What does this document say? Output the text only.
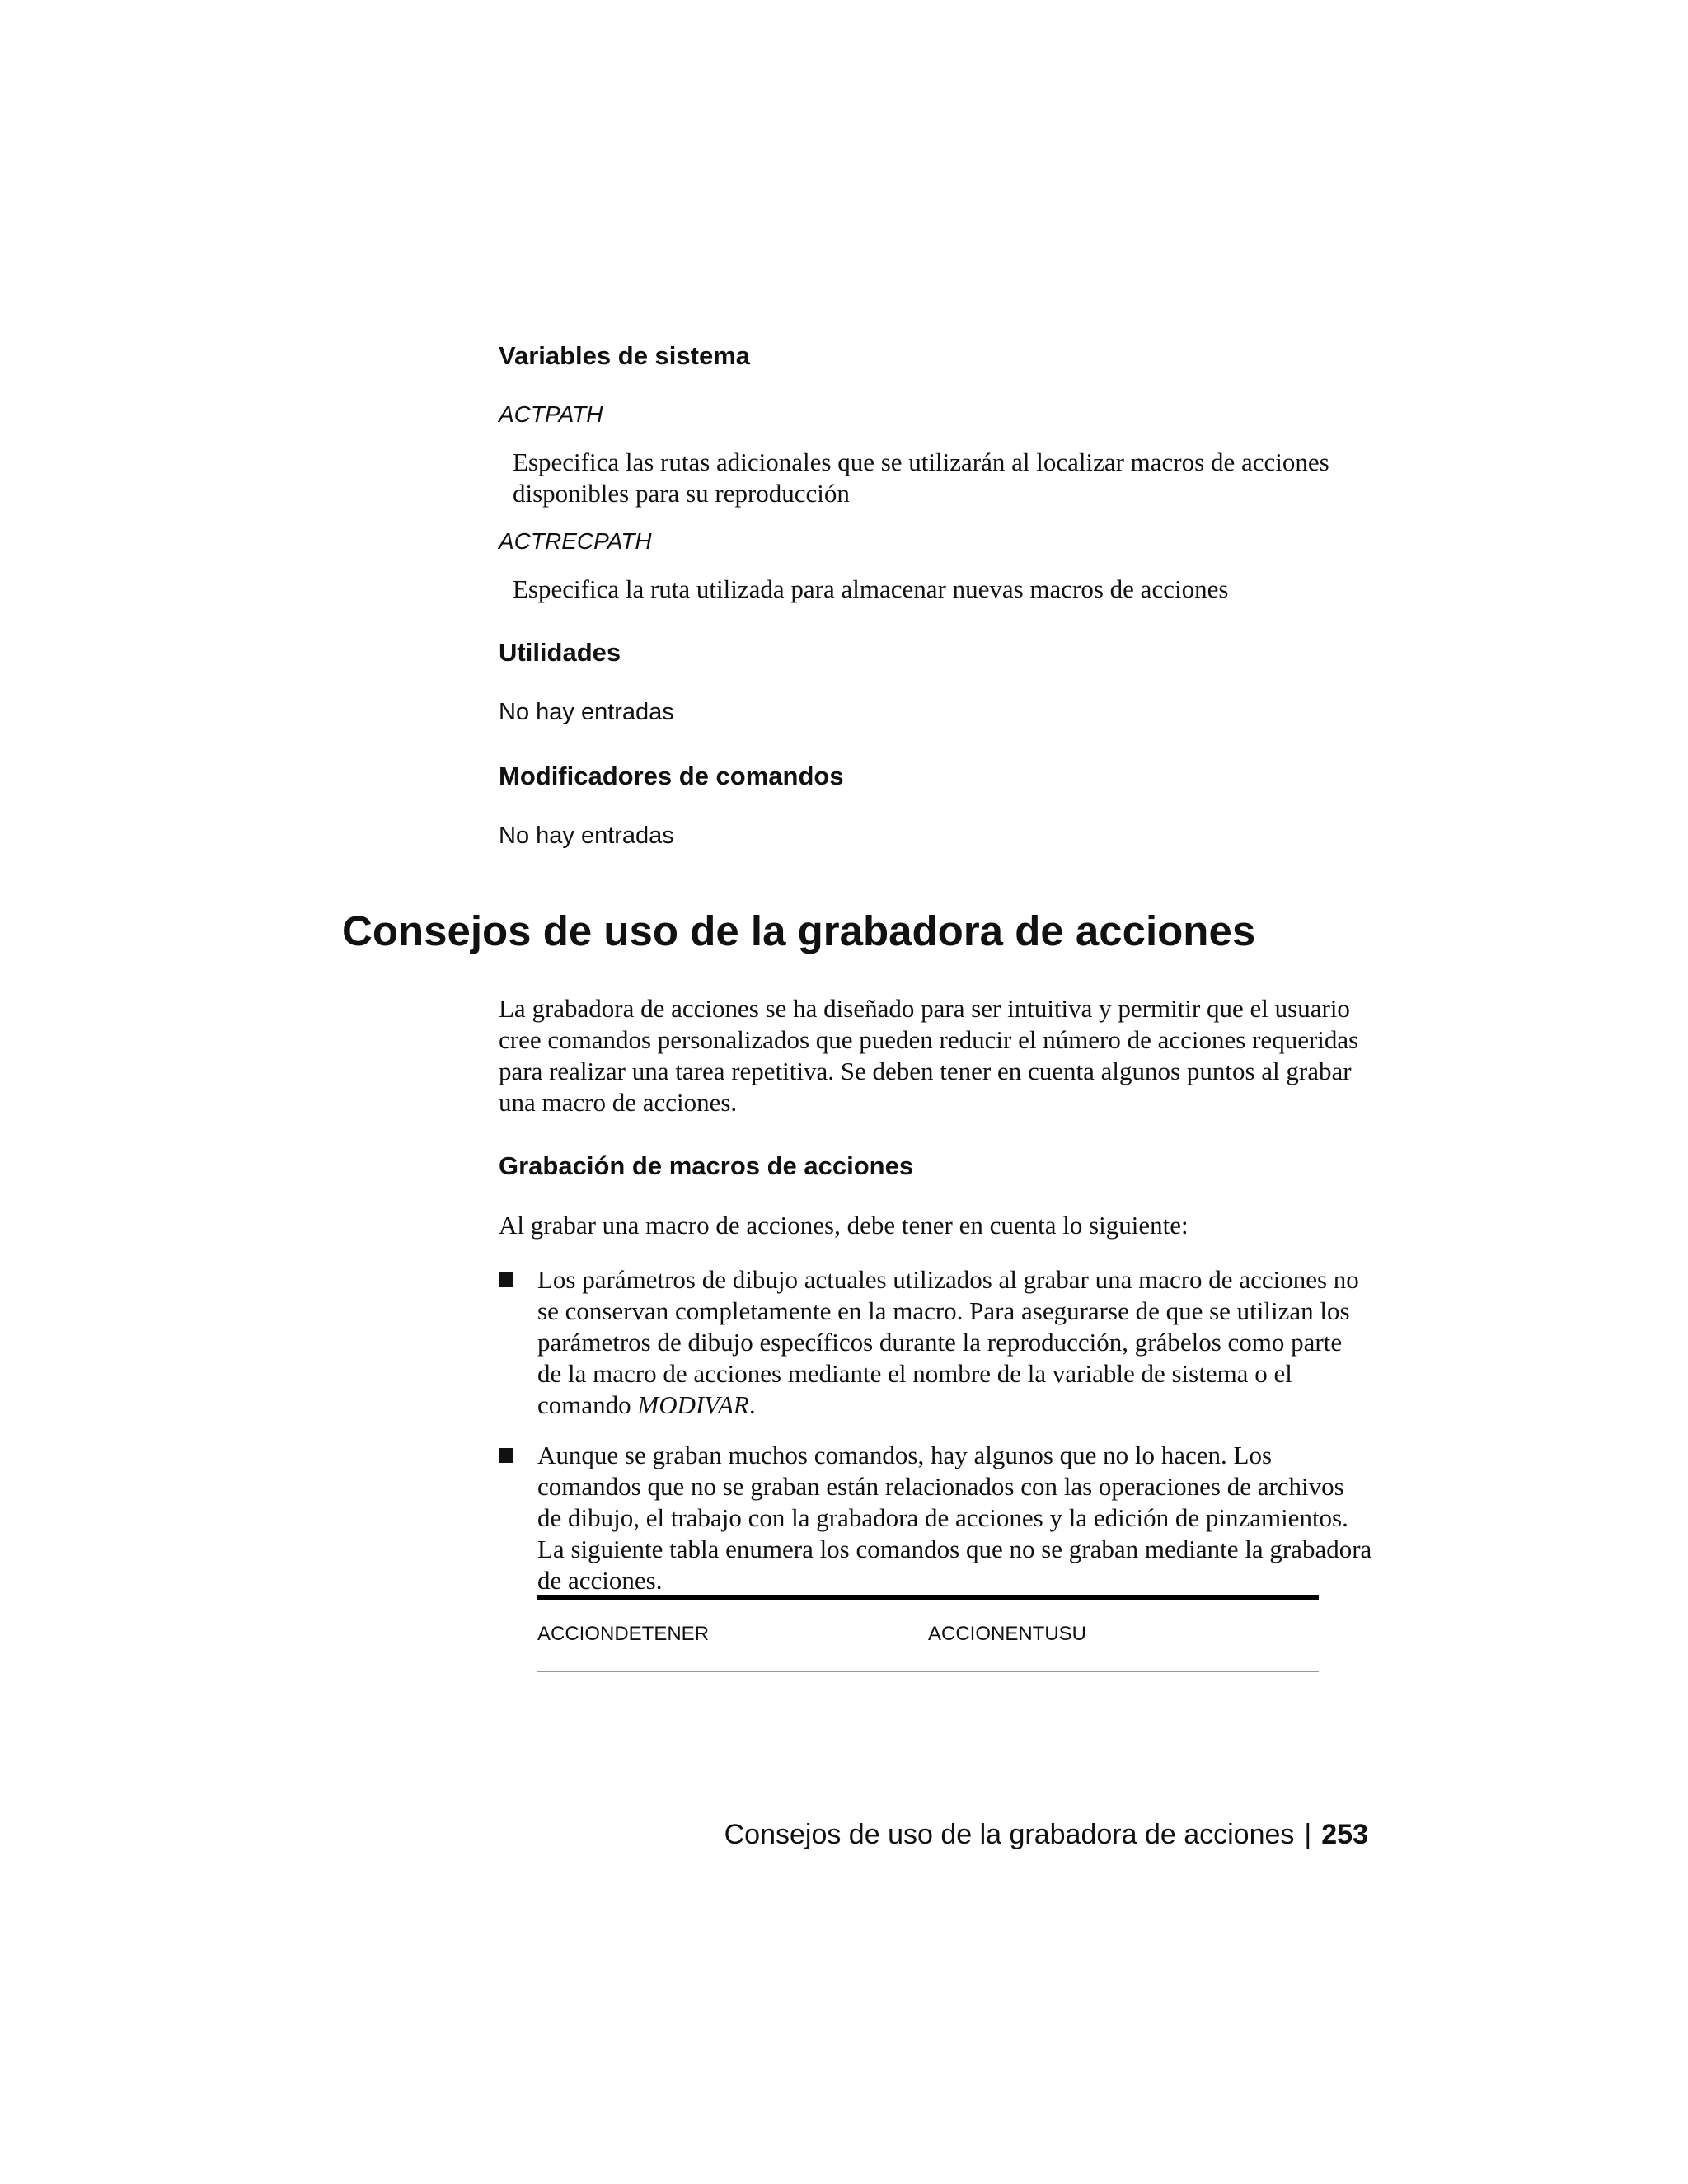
Variables de sistema
ACTPATH
Especifica las rutas adicionales que se utilizarán al localizar macros de acciones disponibles para su reproducción
ACTRECPATH
Especifica la ruta utilizada para almacenar nuevas macros de acciones
Utilidades
No hay entradas
Modificadores de comandos
No hay entradas
Consejos de uso de la grabadora de acciones
La grabadora de acciones se ha diseñado para ser intuitiva y permitir que el usuario cree comandos personalizados que pueden reducir el número de acciones requeridas para realizar una tarea repetitiva. Se deben tener en cuenta algunos puntos al grabar una macro de acciones.
Grabación de macros de acciones
Al grabar una macro de acciones, debe tener en cuenta lo siguiente:
Los parámetros de dibujo actuales utilizados al grabar una macro de acciones no se conservan completamente en la macro. Para asegurarse de que se utilizan los parámetros de dibujo específicos durante la reproducción, grábelos como parte de la macro de acciones mediante el nombre de la variable de sistema o el comando MODIVAR.
Aunque se graban muchos comandos, hay algunos que no lo hacen. Los comandos que no se graban están relacionados con las operaciones de archivos de dibujo, el trabajo con la grabadora de acciones y la edición de pinzamientos. La siguiente tabla enumera los comandos que no se graban mediante la grabadora de acciones.
ACCIONDETENER	ACCIONENTUSU
Consejos de uso de la grabadora de acciones | 253
